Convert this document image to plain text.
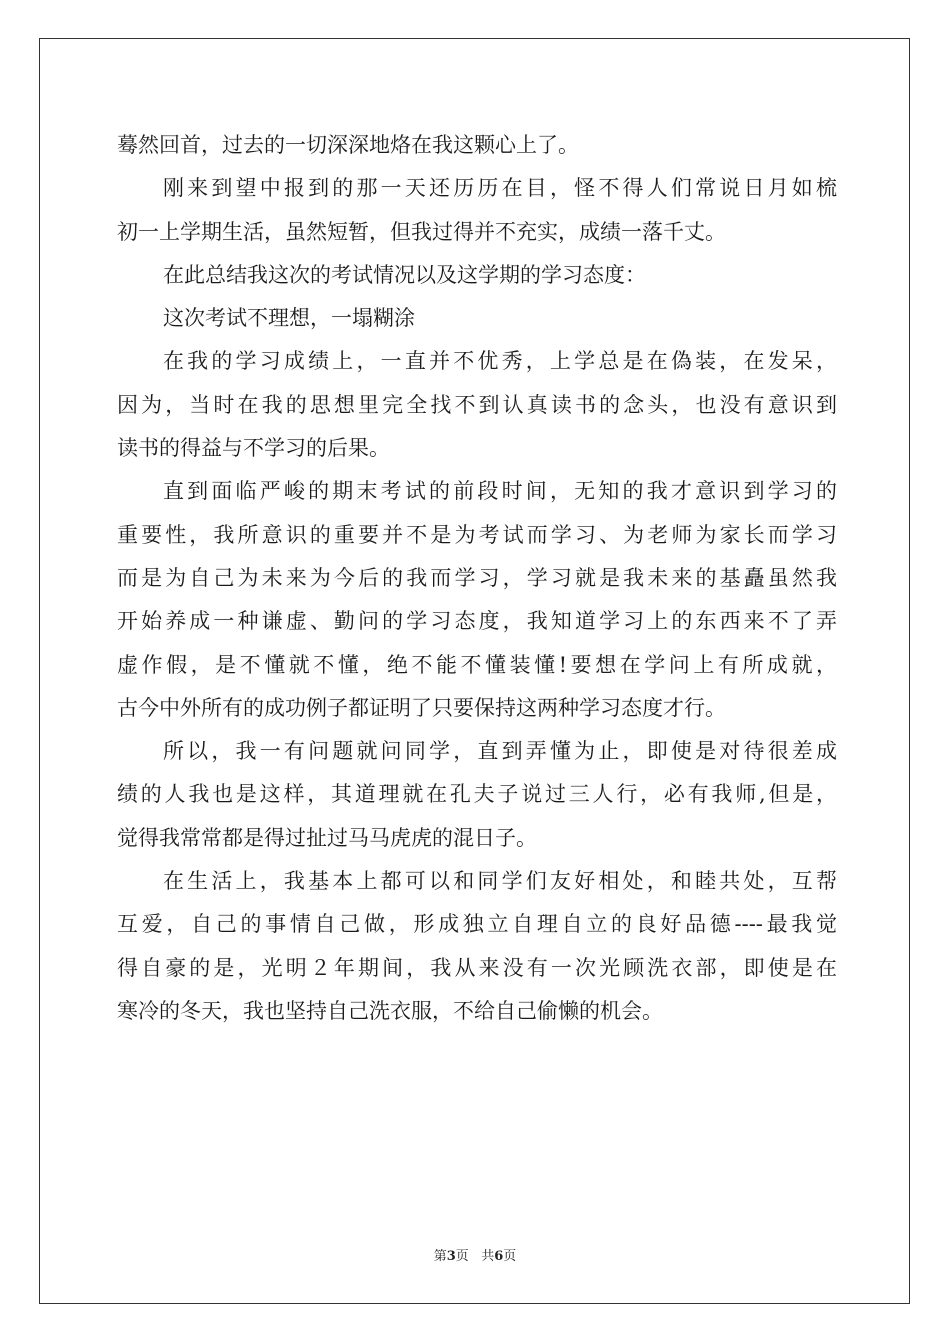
蓦然回首，过去的一切深深地烙在我这颗心上了。
刚来到望中报到的那一天还历历在目，怪不得人们常说日月如梳
初一上学期生活，虽然短暂，但我过得并不充实，成绩一落千丈。
在此总结我这次的考试情况以及这学期的学习态度：
这次考试不理想，一塌糊涂
在我的学习成绩上，一直并不优秀，上学总是在偽装，在发呆，
因为，当时在我的思想里完全找不到认真读书的念头，也没有意识到
读书的得益与不学习的后果。
直到面临严峻的期末考试的前段时间，无知的我才意识到学习的
重要性，我所意识的重要并不是为考试而学习、为老师为家长而学习
而是为自己为未来为今后的我而学习，学习就是我未来的基矗虽然我
开始养成一种谦虚、勤问的学习态度，我知道学习上的东西来不了弄
虚作假，是不懂就不懂，绝不能不懂装懂!要想在学问上有所成就，
古今中外所有的成功例子都证明了只要保持这两种学习态度才行。
所以，我一有问题就问同学，直到弄懂为止，即使是对待很差成
绩的人我也是这样，其道理就在孔夫子说过三人行，必有我师,但是，
觉得我常常都是得过扯过马马虎虎的混日子。
在生活上，我基本上都可以和同学们友好相处，和睦共处，互帮
互爱，自己的事情自己做，形成独立自理自立的良好品德----最我觉
得自豪的是，光明２年期间，我从来没有一次光顾洗衣部，即使是在
寒冷的冬天，我也坚持自己洗衣服，不给自己偷懒的机会。
第3页 共6页
